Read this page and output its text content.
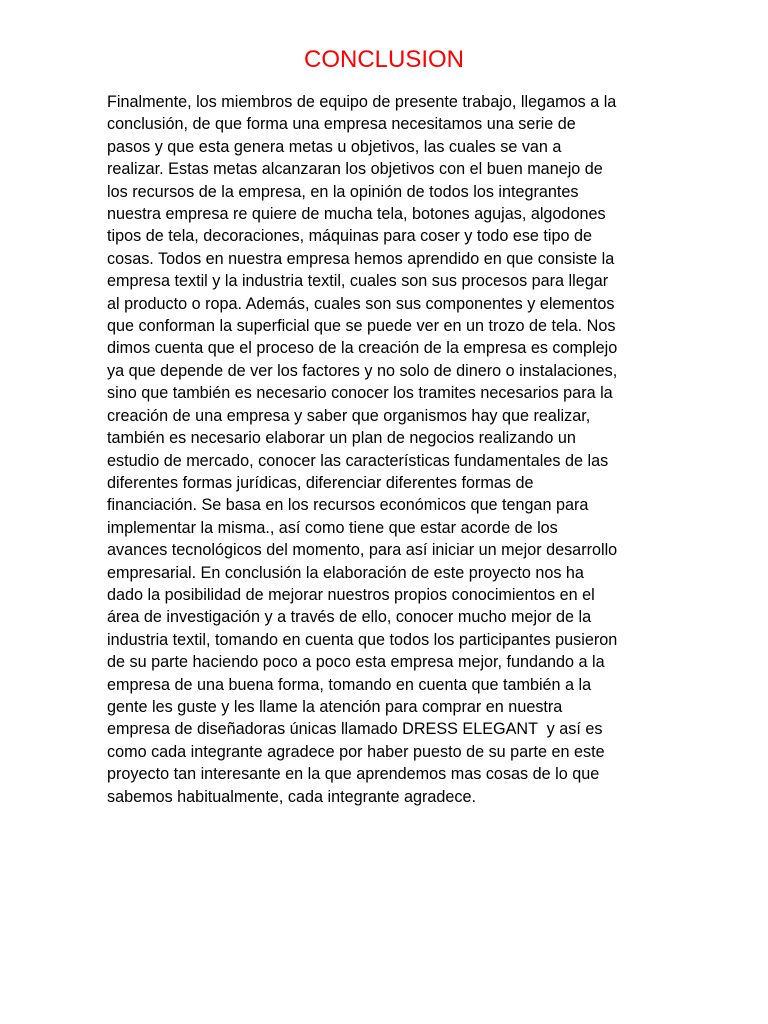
CONCLUSION
Finalmente, los miembros de equipo de presente trabajo, llegamos a la
conclusión, de que forma una empresa necesitamos una serie de
pasos y que esta genera metas u objetivos, las cuales se van a
realizar. Estas metas alcanzaran los objetivos con el buen manejo de
los recursos de la empresa, en la opinión de todos los integrantes
nuestra empresa re quiere de mucha tela, botones agujas, algodones
tipos de tela, decoraciones, máquinas para coser y todo ese tipo de
cosas. Todos en nuestra empresa hemos aprendido en que consiste la
empresa textil y la industria textil, cuales son sus procesos para llegar
al producto o ropa. Además, cuales son sus componentes y elementos
que conforman la superficial que se puede ver en un trozo de tela. Nos
dimos cuenta que el proceso de la creación de la empresa es complejo
ya que depende de ver los factores y no solo de dinero o instalaciones,
sino que también es necesario conocer los tramites necesarios para la
creación de una empresa y saber que organismos hay que realizar,
también es necesario elaborar un plan de negocios realizando un
estudio de mercado, conocer las características fundamentales de las
diferentes formas jurídicas, diferenciar diferentes formas de
financiación. Se basa en los recursos económicos que tengan para
implementar la misma., así como tiene que estar acorde de los
avances tecnológicos del momento, para así iniciar un mejor desarrollo
empresarial. En conclusión la elaboración de este proyecto nos ha
dado la posibilidad de mejorar nuestros propios conocimientos en el
área de investigación y a través de ello, conocer mucho mejor de la
industria textil, tomando en cuenta que todos los participantes pusieron
de su parte haciendo poco a poco esta empresa mejor, fundando a la
empresa de una buena forma, tomando en cuenta que también a la
gente les guste y les llame la atención para comprar en nuestra
empresa de diseñadoras únicas llamado DRESS ELEGANT  y así es
como cada integrante agradece por haber puesto de su parte en este
proyecto tan interesante en la que aprendemos mas cosas de lo que
sabemos habitualmente, cada integrante agradece.
